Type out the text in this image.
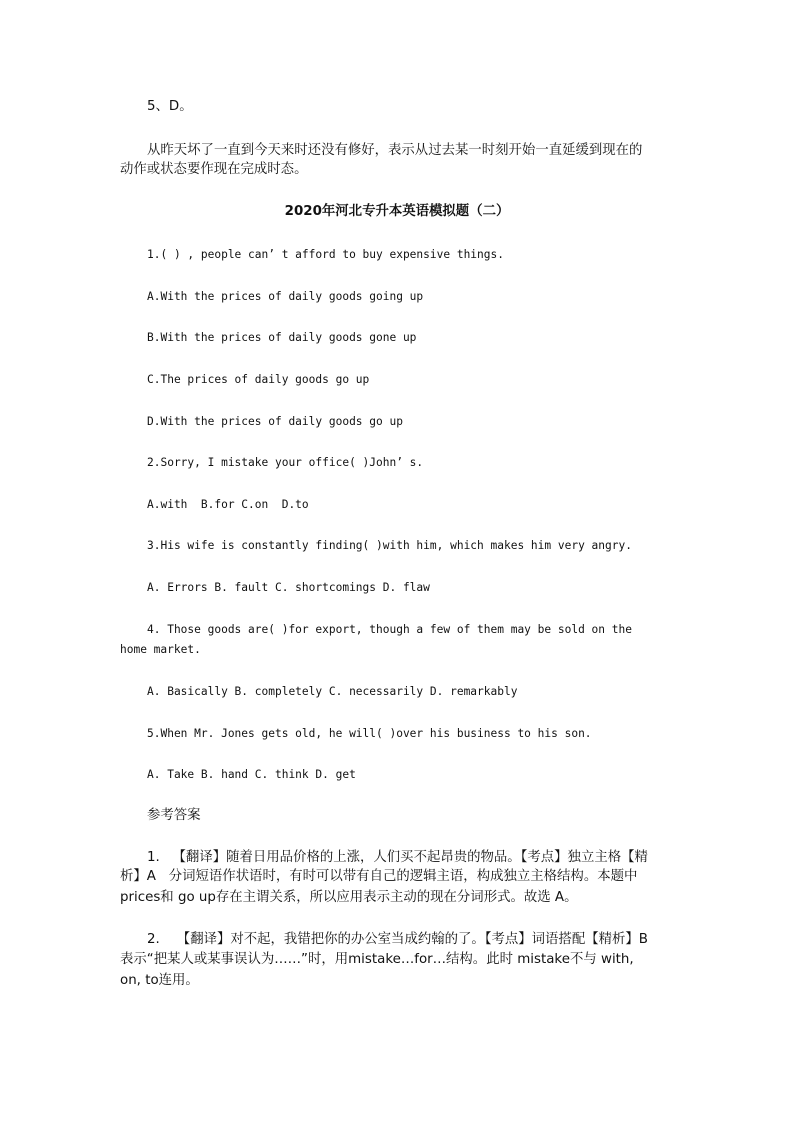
5、D。
从昨天坏了一直到今天来时还没有修好，表示从过去某一时刻开始一直延缓到现在的
动作或状态要作现在完成时态。
2020年河北专升本英语模拟题（二）
1.( ) , people can’ t afford to buy expensive things.
A.With the prices of daily goods going up
B.With the prices of daily goods gone up
C.The prices of daily goods go up
D.With the prices of daily goods go up
2.Sorry, I mistake your office( )John’ s.
A.with  B.for C.on  D.to
3.His wife is constantly finding( )with him, which makes him very angry.
A. Errors B. fault C. shortcomings D. flaw
4. Those goods are( )for export, though a few of them may be sold on the
home market.
A. Basically B. completely C. necessarily D. remarkably
5.When Mr. Jones gets old, he will( )over his business to his son.
A. Take B. hand C. think D. get
参考答案
1.   【翻译】随着日用品价格的上涨，人们买不起昂贵的物品。【考点】独立主格【精
析】A   分词短语作状语时，有时可以带有自己的逻辑主语，构成独立主格结构。本题中
prices和 go up存在主谓关系，所以应用表示主动的现在分词形式。故选 A。
2.    【翻译】对不起，我错把你的办公室当成约翰的了。【考点】词语搭配【精析】B
表示“把某人或某事误认为……”时，用mistake…for…结构。此时 mistake不与 with,
on, to连用。
